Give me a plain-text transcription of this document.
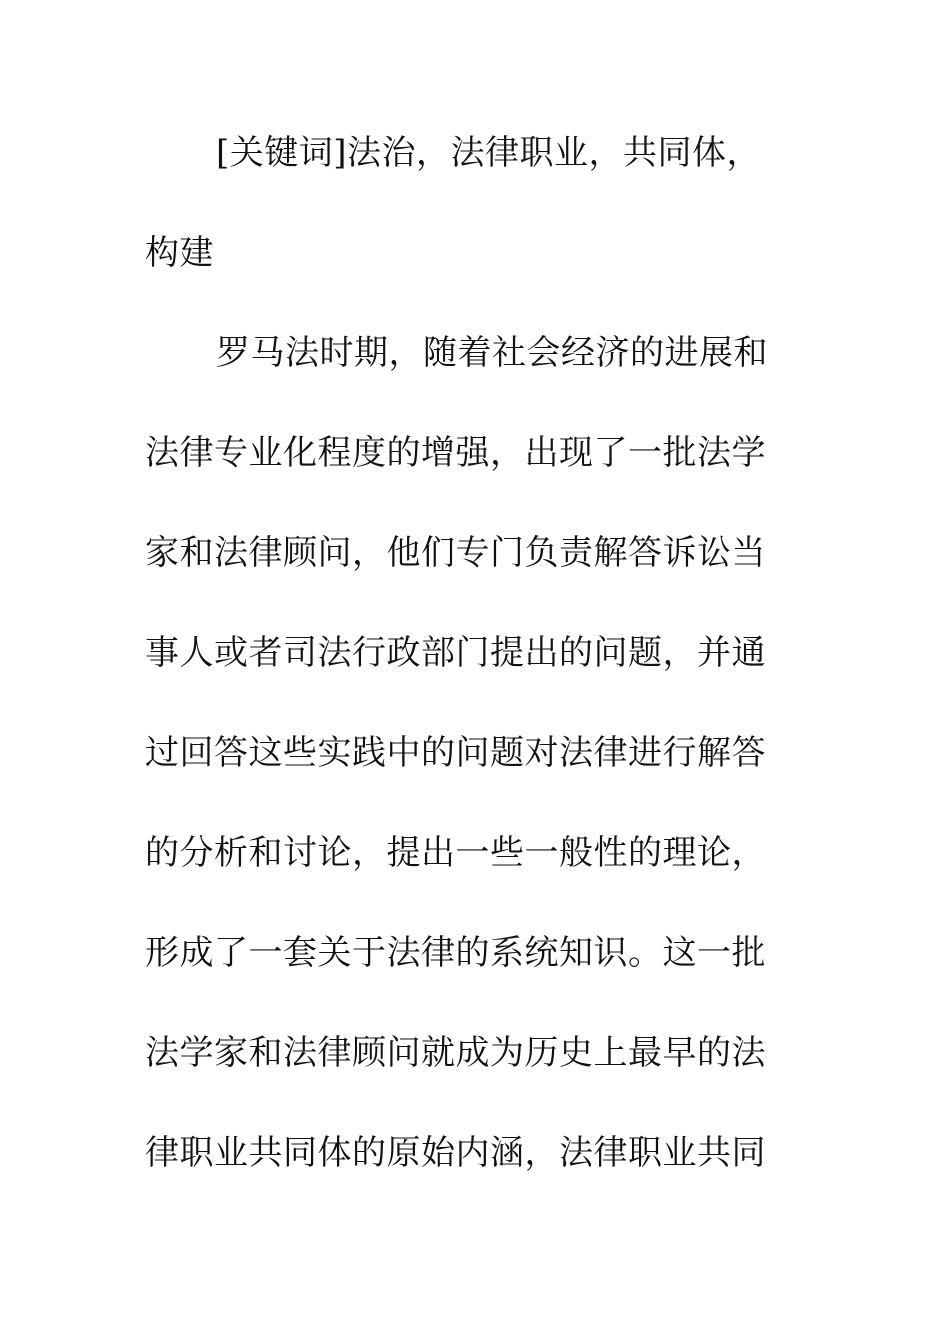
[关键词]法治，法律职业，共同体，
构建
罗马法时期，随着社会经济的进展和
法律专业化程度的增强，出现了一批法学
家和法律顾问，他们专门负责解答诉讼当
事人或者司法行政部门提出的问题，并通
过回答这些实践中的问题对法律进行解答
的分析和讨论，提出一些一般性的理论，
形成了一套关于法律的系统知识。这一批
法学家和法律顾问就成为历史上最早的法
律职业共同体的原始内涵，法律职业共同
